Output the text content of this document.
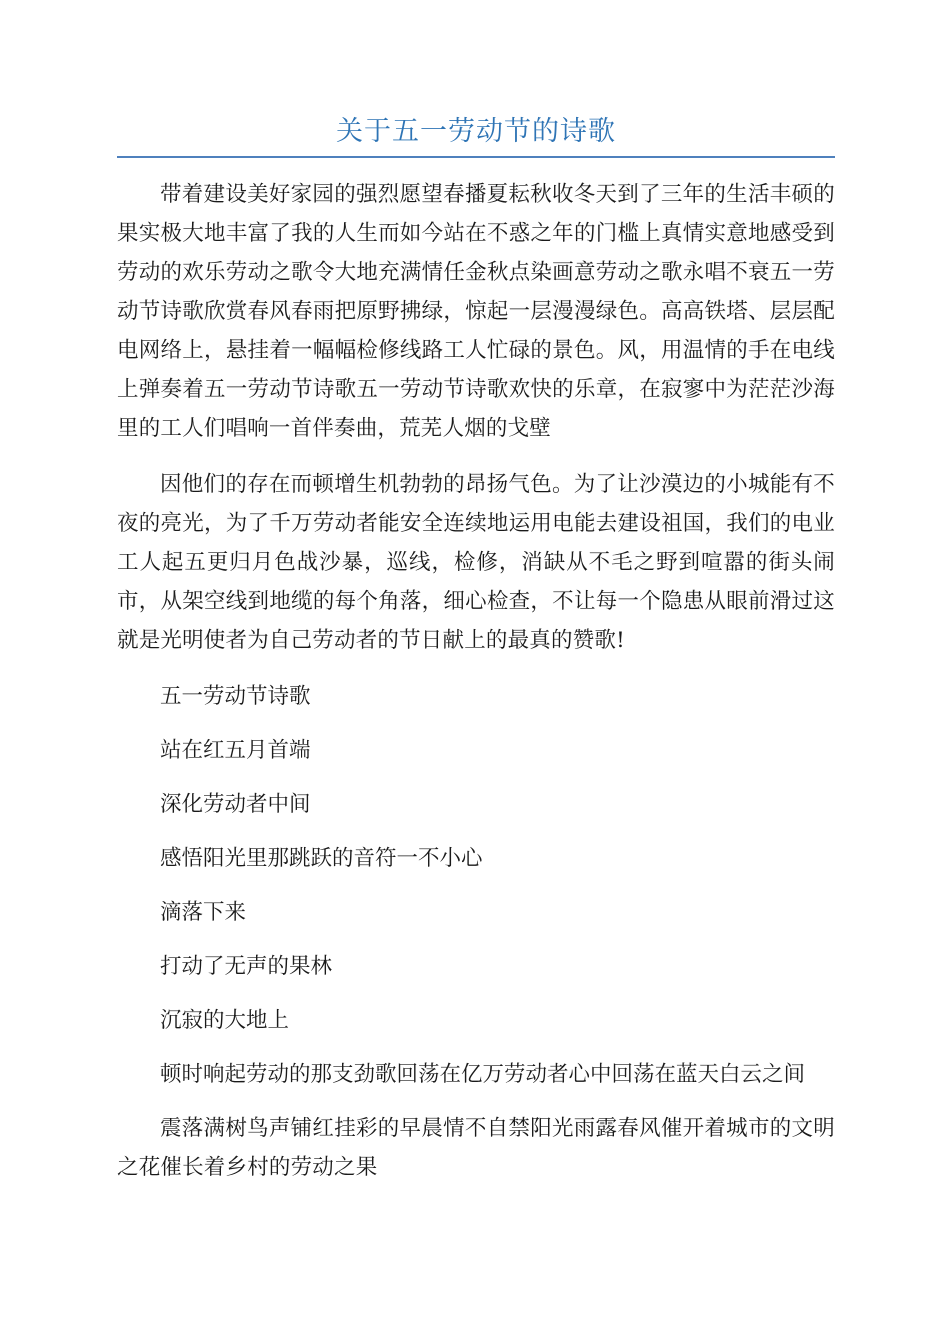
关于五一劳动节的诗歌

带着建设美好家园的强烈愿望春播夏耘秋收冬天到了三年的生活丰硕的果实极大地丰富了我的人生而如今站在不惑之年的门槛上真情实意地感受到劳动的欢乐劳动之歌令大地充满情任金秋点染画意劳动之歌永唱不衰五一劳动节诗歌欣赏春风春雨把原野拂绿，惊起一层漫漫绿色。高高铁塔、层层配电网络上，悬挂着一幅幅检修线路工人忙碌的景色。风，用温情的手在电线上弹奏着五一劳动节诗歌五一劳动节诗歌欢快的乐章，在寂寥中为茫茫沙海里的工人们唱响一首伴奏曲，荒芜人烟的戈壁

因他们的存在而顿增生机勃勃的昂扬气色。为了让沙漠边的小城能有不夜的亮光，为了千万劳动者能安全连续地运用电能去建设祖国，我们的电业工人起五更归月色战沙暴，巡线，检修，消缺从不毛之野到喧嚣的街头闹市，从架空线到地缆的每个角落，细心检查，不让每一个隐患从眼前滑过这就是光明使者为自己劳动者的节日献上的最真的赞歌!

五一劳动节诗歌

站在红五月首端

深化劳动者中间

感悟阳光里那跳跃的音符一不小心

滴落下来

打动了无声的果林

沉寂的大地上

顿时响起劳动的那支劲歌回荡在亿万劳动者心中回荡在蓝天白云之间

震落满树鸟声铺红挂彩的早晨情不自禁阳光雨露春风催开着城市的文明之花催长着乡村的劳动之果
